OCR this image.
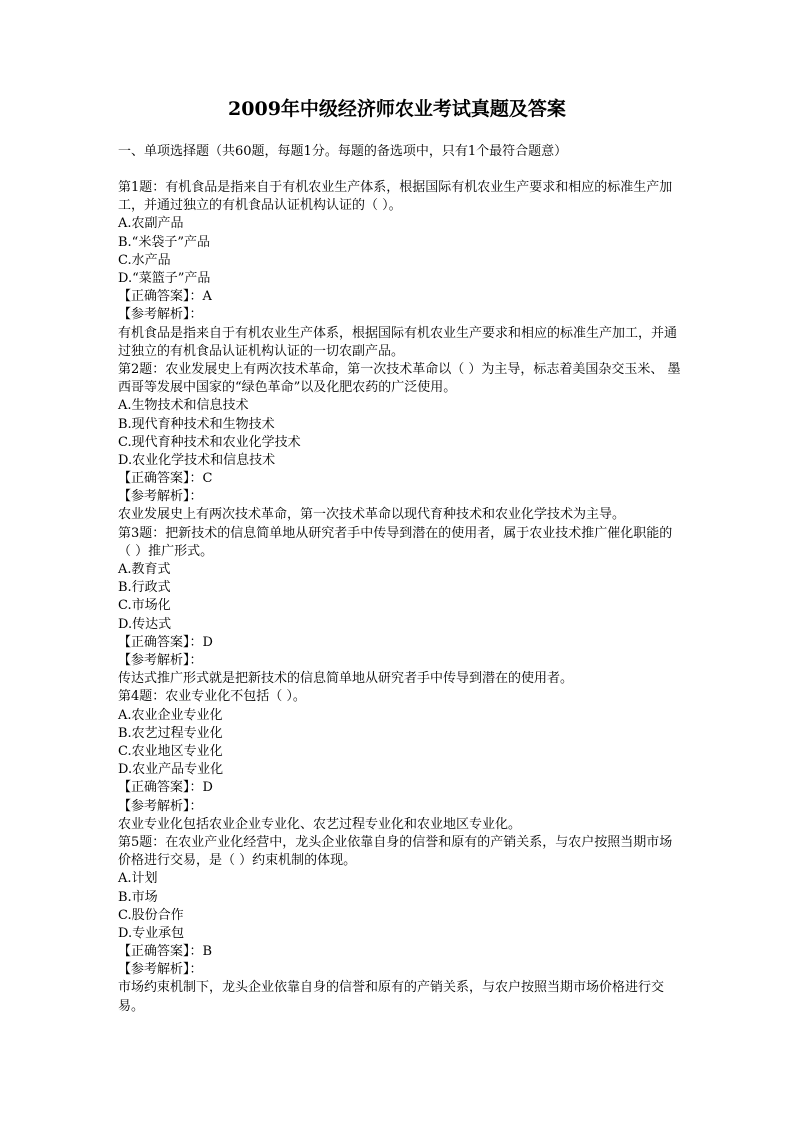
2009年中级经济师农业考试真题及答案
一、单项选择题（共60题，每题1分。每题的备选项中，只有1个最符合题意）
第1题：有机食品是指来自于有机农业生产体系，根据国际有机农业生产要求和相应的标准生产加工，并通过独立的有机食品认证机构认证的（ ）。
A.农副产品
B.“米袋子”产品
C.水产品
D.“菜篮子”产品
【正确答案】：A
【参考解析】：
有机食品是指来自于有机农业生产体系，根据国际有机农业生产要求和相应的标准生产加工，并通过独立的有机食品认证机构认证的一切农副产品。
第2题：农业发展史上有两次技术革命，第一次技术革命以（ ）为主导，标志着美国杂交玉米、 墨西哥等发展中国家的“绿色革命”以及化肥农药的广泛使用。
A.生物技术和信息技术
B.现代育种技术和生物技术
C.现代育种技术和农业化学技术
D.农业化学技术和信息技术
【正确答案】：C
【参考解析】：
农业发展史上有两次技术革命，第一次技术革命以现代育种技术和农业化学技术为主导。
第3题：把新技术的信息简单地从研究者手中传导到潜在的使用者，属于农业技术推广催化职能的（ ）推广形式。
A.教育式
B.行政式
C.市场化
D.传达式
【正确答案】：D
【参考解析】：
传达式推广形式就是把新技术的信息简单地从研究者手中传导到潜在的使用者。
第4题：农业专业化不包括（ ）。
A.农业企业专业化
B.农艺过程专业化
C.农业地区专业化
D.农业产品专业化
【正确答案】：D
【参考解析】：
农业专业化包括农业企业专业化、农艺过程专业化和农业地区专业化。
第5题：在农业产业化经营中，龙头企业依靠自身的信誉和原有的产销关系，与农户按照当期市场价格进行交易，是（ ）约束机制的体现。
A.计划
B.市场
C.股份合作
D.专业承包
【正确答案】：B
【参考解析】：
市场约束机制下，龙头企业依靠自身的信誉和原有的产销关系，与农户按照当期市场价格进行交易。
